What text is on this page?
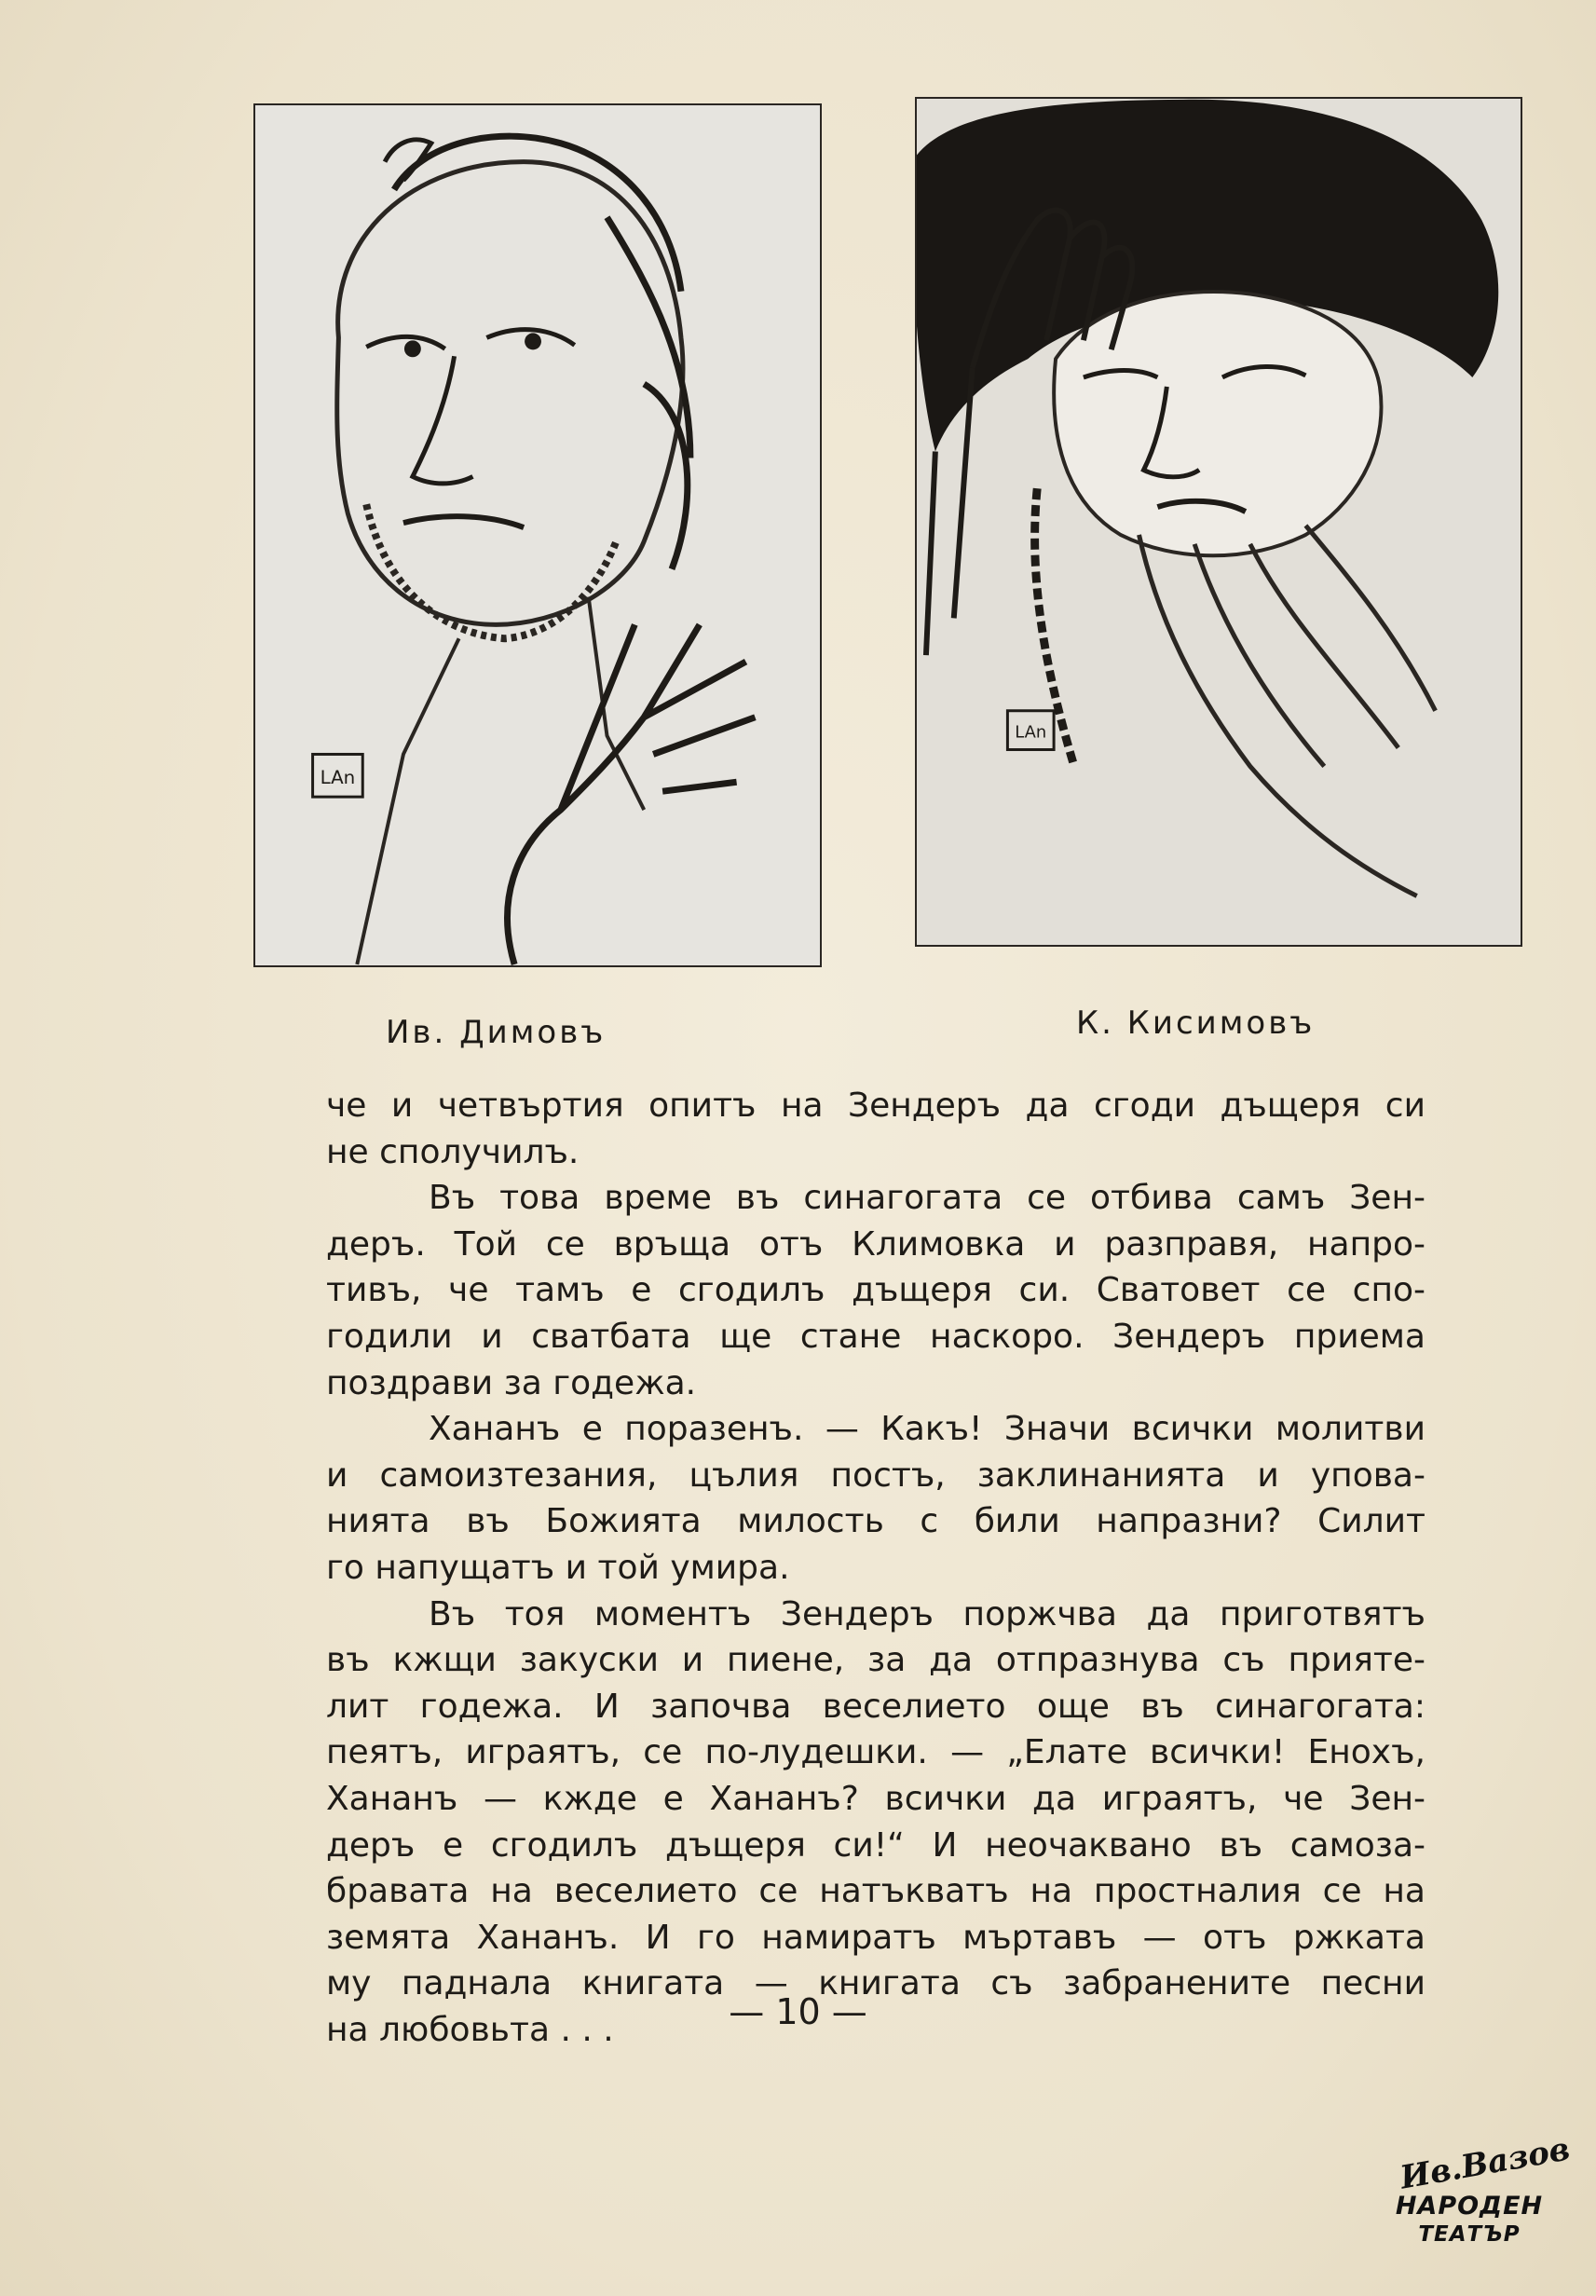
LAn
LAn
Ив. Димовъ	К. Кисимовъ
че и четвъртия опитъ на Зендеръ да сгоди дъщеря си
не сполучилъ.
Въ това време въ синагогата се отбива самъ Зен-
деръ. Той се връща отъ Климовка и разправя, напро-
тивъ, че тамъ е сгодилъ дъщеря си. Сватовет се спо-
годили и сватбата ще стане наскоро. Зендеръ приема
поздрави за годежа.
Хананъ е поразенъ. — Какъ! Значи всички молитви
и самоизтезания, цълия постъ, заклинанията и упова-
нията въ Божията милость с били напразни? Силит
го напущатъ и той умира.
Въ тоя моментъ Зендеръ поржчва да приготвятъ
въ кжщи закуски и пиене, за да отпразнува съ прияте-
лит годежа. И започва веселието още въ синагогата:
пеятъ, играятъ, се по-лудешки. — „Елате всички! Енохъ,
Хананъ — кжде е Хананъ? всички да играятъ, че Зен-
деръ е сгодилъ дъщеря си!“ И неочаквано въ самоза-
бравата на веселието се натъкватъ на простналия се на
земята Хананъ. И го намиратъ мъртавъ — отъ ржката
му паднала книгата — книгата съ забранените песни
на любовьта . . .	— 10 —
Ив.Вазов
НАРОДЕН
ТЕАТЪР
